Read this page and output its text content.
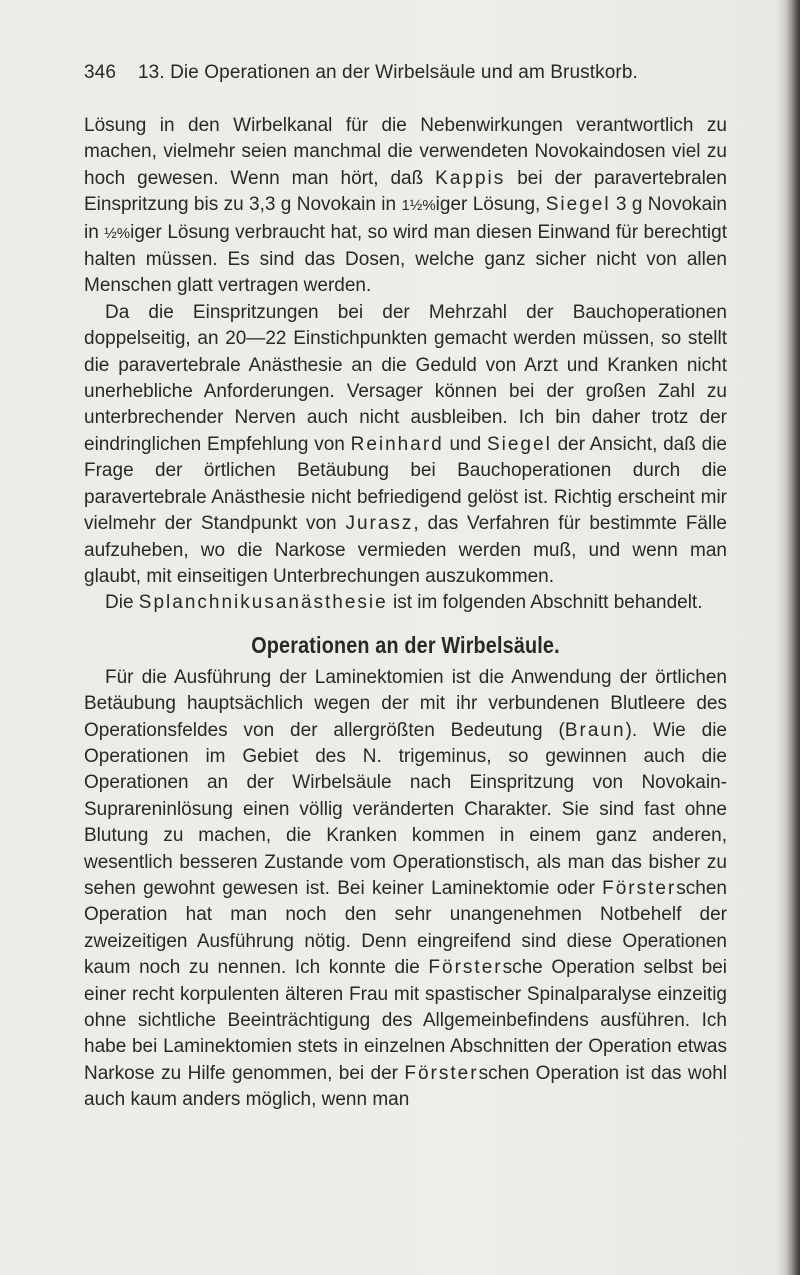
346 13. Die Operationen an der Wirbelsäule und am Brustkorb.

Lösung in den Wirbelkanal für die Nebenwirkungen verantwortlich zu machen, vielmehr seien manchmal die verwendeten Novokaindosen viel zu hoch gewesen. Wenn man hört, daß Kappis bei der paravertebralen Einspritzung bis zu 3,3 g Novokain in 1½%iger Lösung, Siegel 3 g Novokain in ½%iger Lösung verbraucht hat, so wird man diesen Einwand für berechtigt halten müssen. Es sind das Dosen, welche ganz sicher nicht von allen Menschen glatt vertragen werden.

Da die Einspritzungen bei der Mehrzahl der Bauchoperationen doppelseitig, an 20—22 Einstichpunkten gemacht werden müssen, so stellt die paravertebrale Anästhesie an die Geduld von Arzt und Kranken nicht unerhebliche Anforderungen. Versager können bei der großen Zahl zu unterbrechender Nerven auch nicht ausbleiben. Ich bin daher trotz der eindringlichen Empfehlung von Reinhard und Siegel der Ansicht, daß die Frage der örtlichen Betäubung bei Bauchoperationen durch die paravertebrale Anästhesie nicht befriedigend gelöst ist. Richtig erscheint mir vielmehr der Standpunkt von Jurasz, das Verfahren für bestimmte Fälle aufzuheben, wo die Narkose vermieden werden muß, und wenn man glaubt, mit einseitigen Unterbrechungen auszukommen.

Die Splanchnikusanästhesie ist im folgenden Abschnitt behandelt.

Operationen an der Wirbelsäule.

Für die Ausführung der Laminektomien ist die Anwendung der örtlichen Betäubung hauptsächlich wegen der mit ihr verbundenen Blutleere des Operationsfeldes von der allergrößten Bedeutung (Braun). Wie die Operationen im Gebiet des N. trigeminus, so gewinnen auch die Operationen an der Wirbelsäule nach Einspritzung von Novokain-Suprareninlösung einen völlig veränderten Charakter. Sie sind fast ohne Blutung zu machen, die Kranken kommen in einem ganz anderen, wesentlich besseren Zustande vom Operationstisch, als man das bisher zu sehen gewohnt gewesen ist. Bei keiner Laminektomie oder Försterschen Operation hat man noch den sehr unangenehmen Notbehelf der zweizeitigen Ausführung nötig. Denn eingreifend sind diese Operationen kaum noch zu nennen. Ich konnte die Förstersche Operation selbst bei einer recht korpulenten älteren Frau mit spastischer Spinalparalyse einzeitig ohne sichtliche Beeinträchtigung des Allgemeinbefindens ausführen. Ich habe bei Laminektomien stets in einzelnen Abschnitten der Operation etwas Narkose zu Hilfe genommen, bei der Försterschen Operation ist das wohl auch kaum anders möglich, wenn man
